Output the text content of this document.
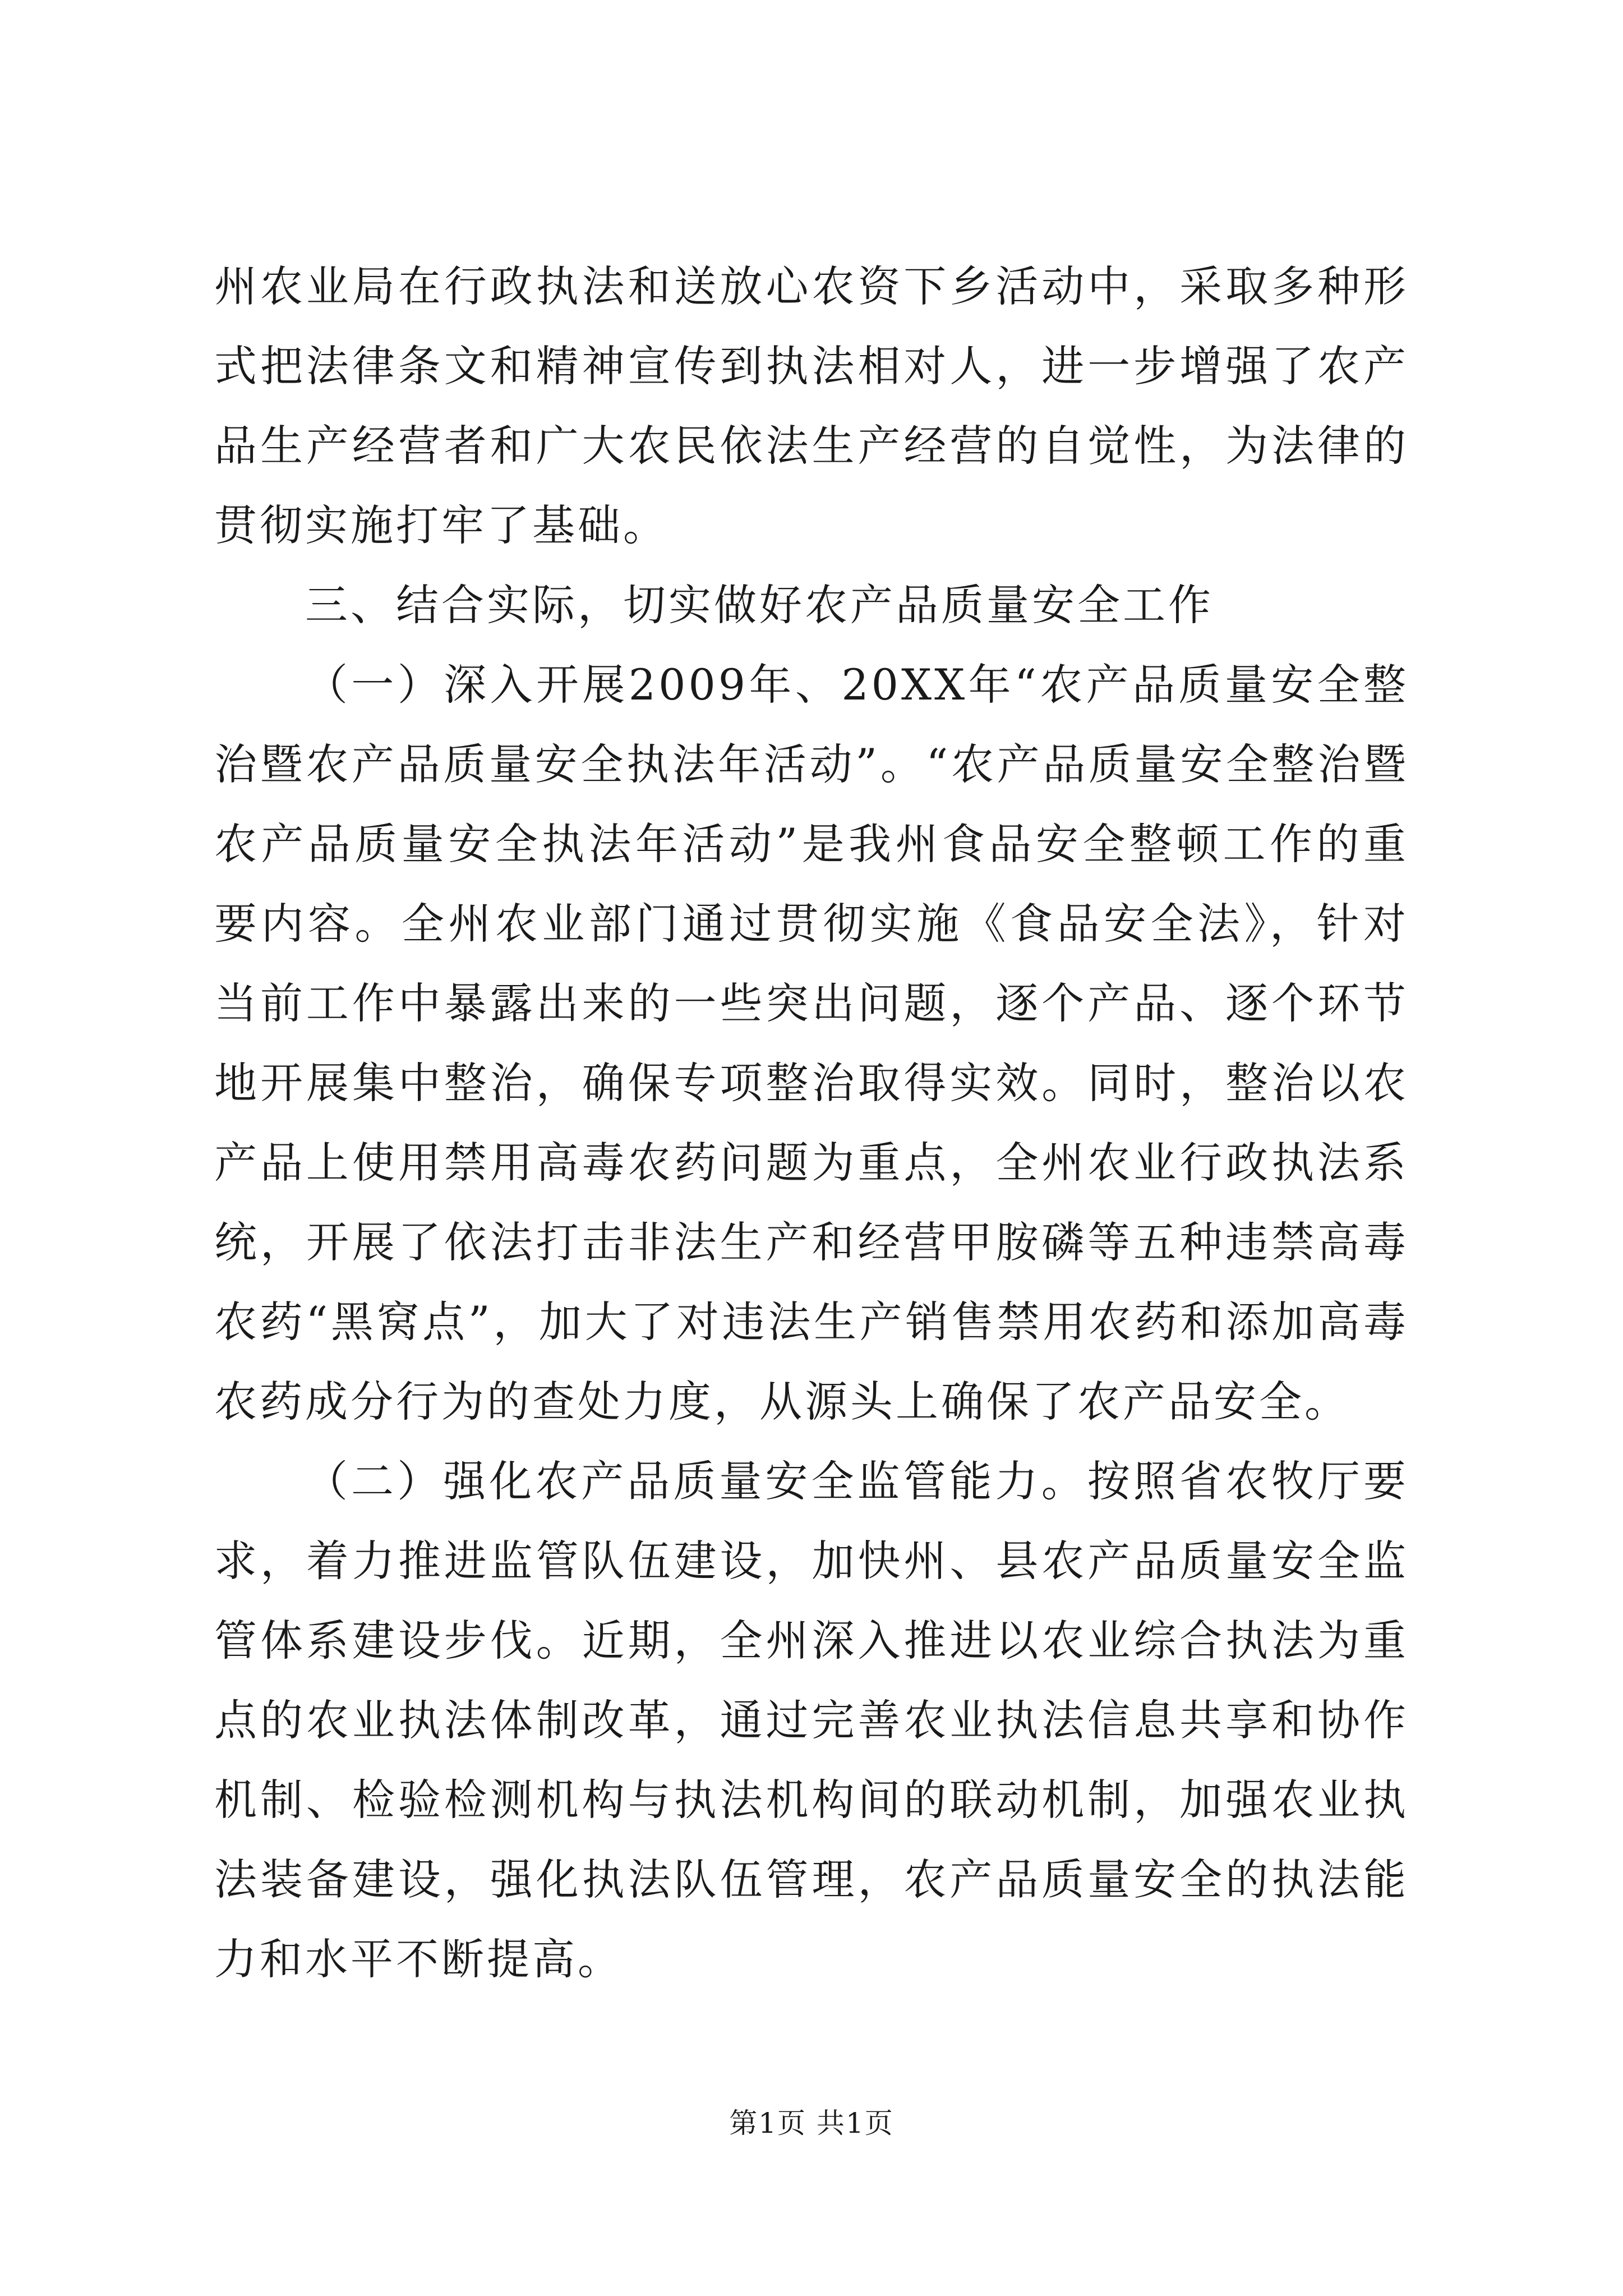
州农业局在行政执法和送放心农资下乡活动中，采取多种形式把法律条文和精神宣传到执法相对人，进一步增强了农产品生产经营者和广大农民依法生产经营的自觉性，为法律的贯彻实施打牢了基础。

三、结合实际，切实做好农产品质量安全工作

（一）深入开展2009年、20XX年“农产品质量安全整治暨农产品质量安全执法年活动”。“农产品质量安全整治暨农产品质量安全执法年活动”是我州食品安全整顿工作的重要内容。全州农业部门通过贯彻实施《食品安全法》，针对当前工作中暴露出来的一些突出问题，逐个产品、逐个环节地开展集中整治，确保专项整治取得实效。同时，整治以农产品上使用禁用高毒农药问题为重点，全州农业行政执法系统，开展了依法打击非法生产和经营甲胺磷等五种违禁高毒农药“黑窝点”，加大了对违法生产销售禁用农药和添加高毒农药成分行为的查处力度，从源头上确保了农产品安全。

（二）强化农产品质量安全监管能力。按照省农牧厅要求，着力推进监管队伍建设，加快州、县农产品质量安全监管体系建设步伐。近期，全州深入推进以农业综合执法为重点的农业执法体制改革，通过完善农业执法信息共享和协作机制、检验检测机构与执法机构间的联动机制，加强农业执法装备建设，强化执法队伍管理，农产品质量安全的执法能力和水平不断提高。

第1页 共1页
